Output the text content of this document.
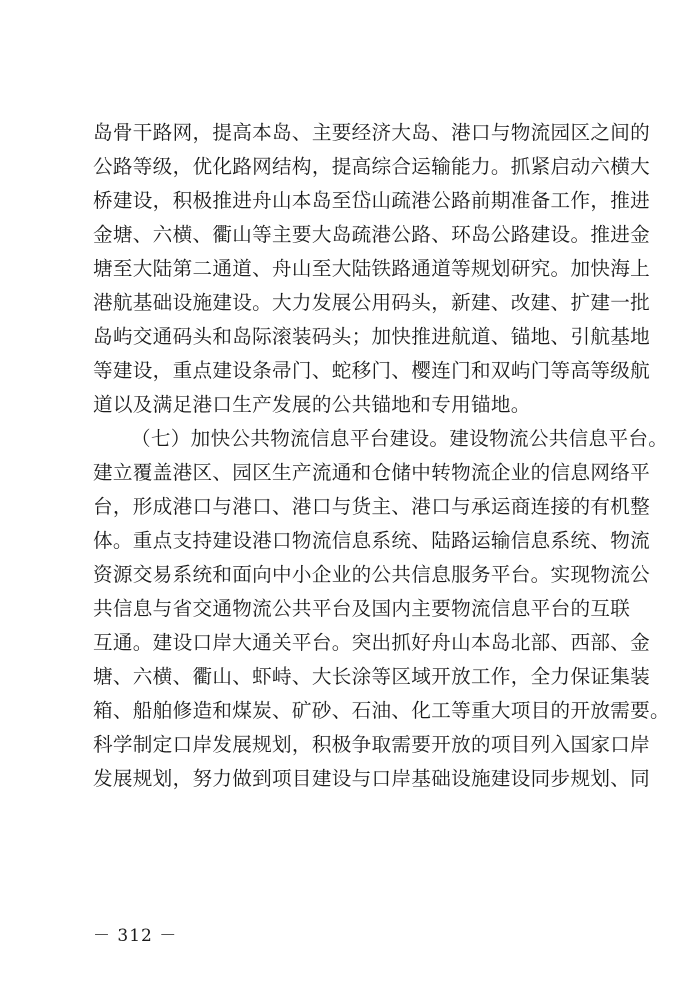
岛骨干路网，提高本岛、主要经济大岛、港口与物流园区之间的
公路等级，优化路网结构，提高综合运输能力。抓紧启动六横大
桥建设，积极推进舟山本岛至岱山疏港公路前期准备工作，推进
金塘、六横、衢山等主要大岛疏港公路、环岛公路建设。推进金
塘至大陆第二通道、舟山至大陆铁路通道等规划研究。加快海上
港航基础设施建设。大力发展公用码头，新建、改建、扩建一批
岛屿交通码头和岛际滚装码头；加快推进航道、锚地、引航基地
等建设，重点建设条帚门、蛇移门、樱连门和双屿门等高等级航
道以及满足港口生产发展的公共锚地和专用锚地。
（七）加快公共物流信息平台建设。建设物流公共信息平台。
建立覆盖港区、园区生产流通和仓储中转物流企业的信息网络平
台，形成港口与港口、港口与货主、港口与承运商连接的有机整
体。重点支持建设港口物流信息系统、陆路运输信息系统、物流
资源交易系统和面向中小企业的公共信息服务平台。实现物流公
共信息与省交通物流公共平台及国内主要物流信息平台的互联
互通。建设口岸大通关平台。突出抓好舟山本岛北部、西部、金
塘、六横、衢山、虾峙、大长涂等区域开放工作，全力保证集装
箱、船舶修造和煤炭、矿砂、石油、化工等重大项目的开放需要。
科学制定口岸发展规划，积极争取需要开放的项目列入国家口岸
发展规划，努力做到项目建设与口岸基础设施建设同步规划、同
－ 312 －
